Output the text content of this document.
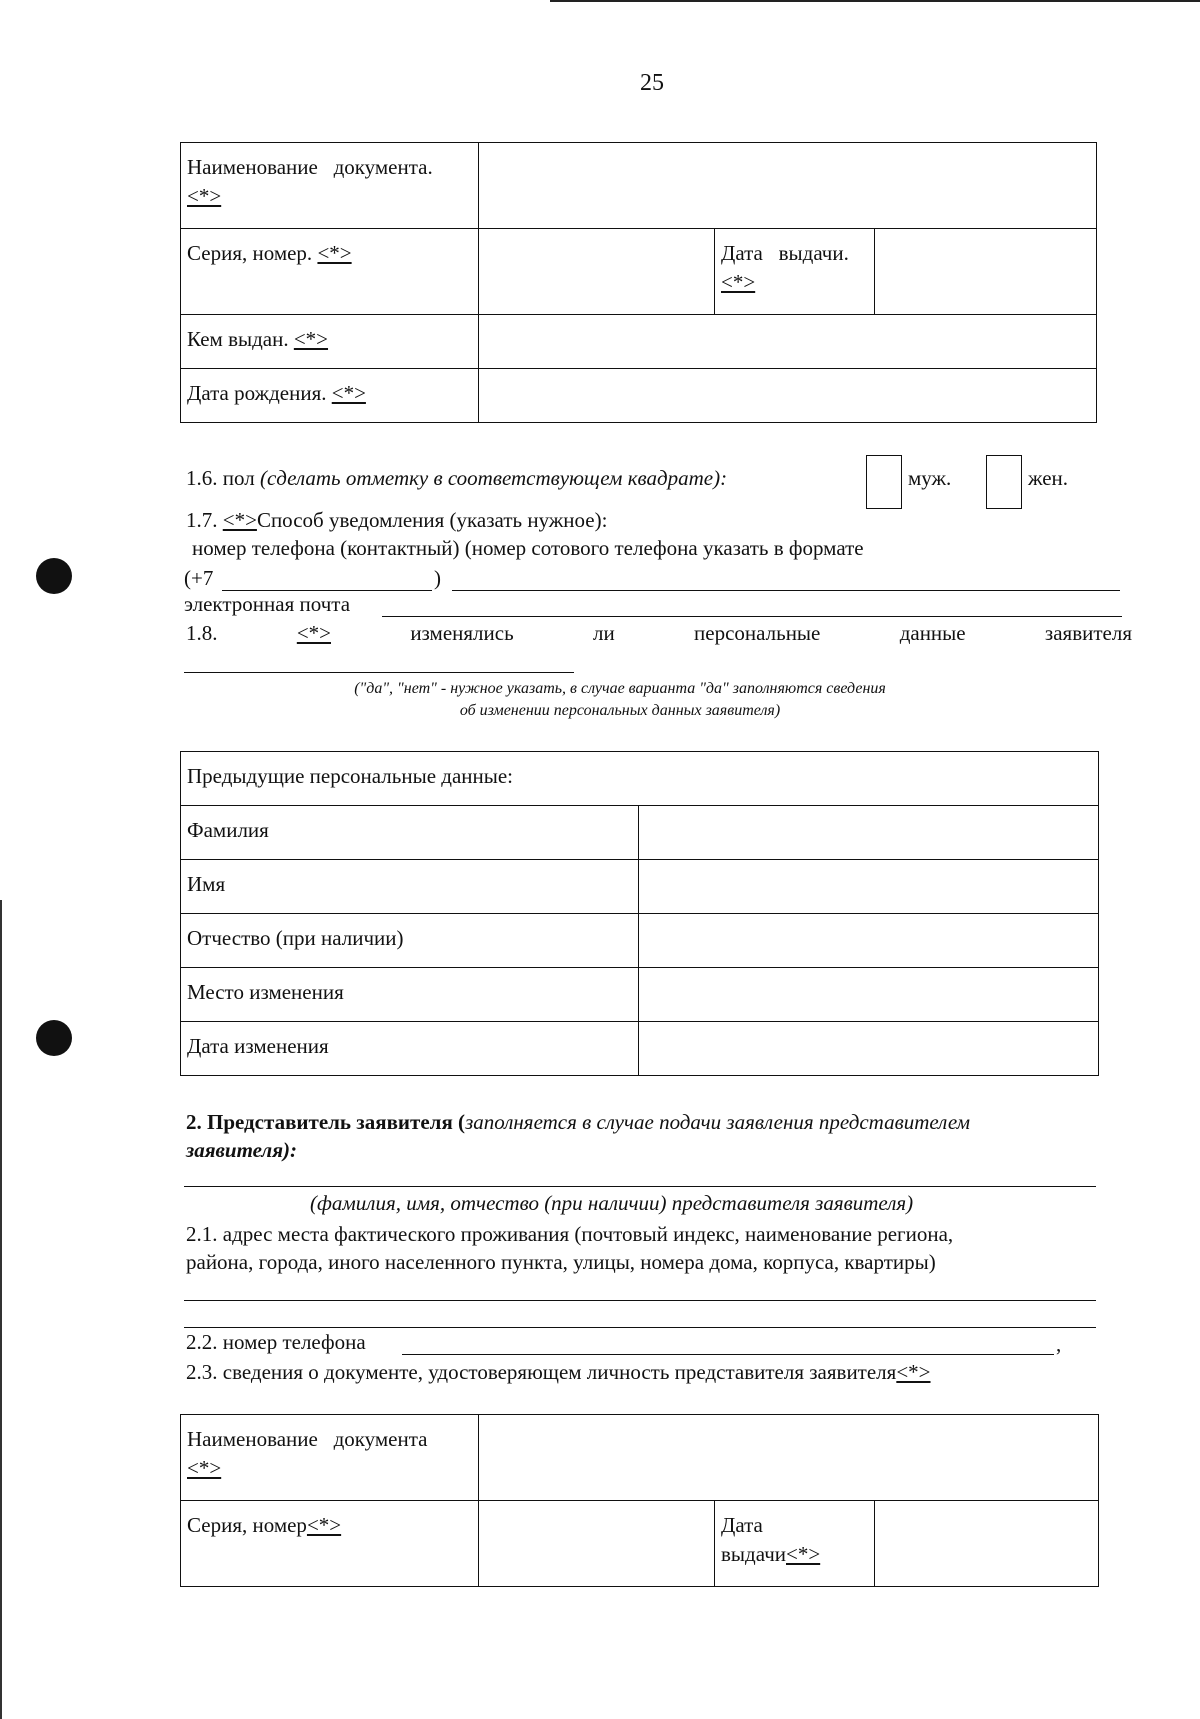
25
Наименование   документа.
<*>			
Серия, номер. <*>		Дата   выдачи.
<*>	
Кем выдан. <*>			
Дата рождения. <*>			
1.6. пол (сделать отметку в соответствующем квадрате):	муж.	жен.
1.7. <*>Способ уведомления (указать нужное):
номер телефона (контактный) (номер сотового телефона указать в формате
(+7	)
электронная почта
1.8.	<*>	изменялись	ли	персональные	данные	заявителя
("да", "нет" - нужное указать, в случае варианта "да" заполняются сведения
об изменении персональных данных заявителя)
Предыдущие персональные данные:	
Фамилия	
Имя	
Отчество (при наличии)	
Место изменения	
Дата изменения	
2. Представитель заявителя (заполняется в случае подачи заявления представителем
заявителя):
(фамилия, имя, отчество (при наличии) представителя заявителя)
2.1. адрес места фактического проживания (почтовый индекс, наименование региона,
района, города, иного населенного пункта, улицы, номера дома, корпуса, квартиры)
2.2. номер телефона	,
2.3. сведения о документе, удостоверяющем личность представителя заявителя<*>
Наименование   документа
<*>			
Серия, номер<*>		Дата
выдачи<*>	
